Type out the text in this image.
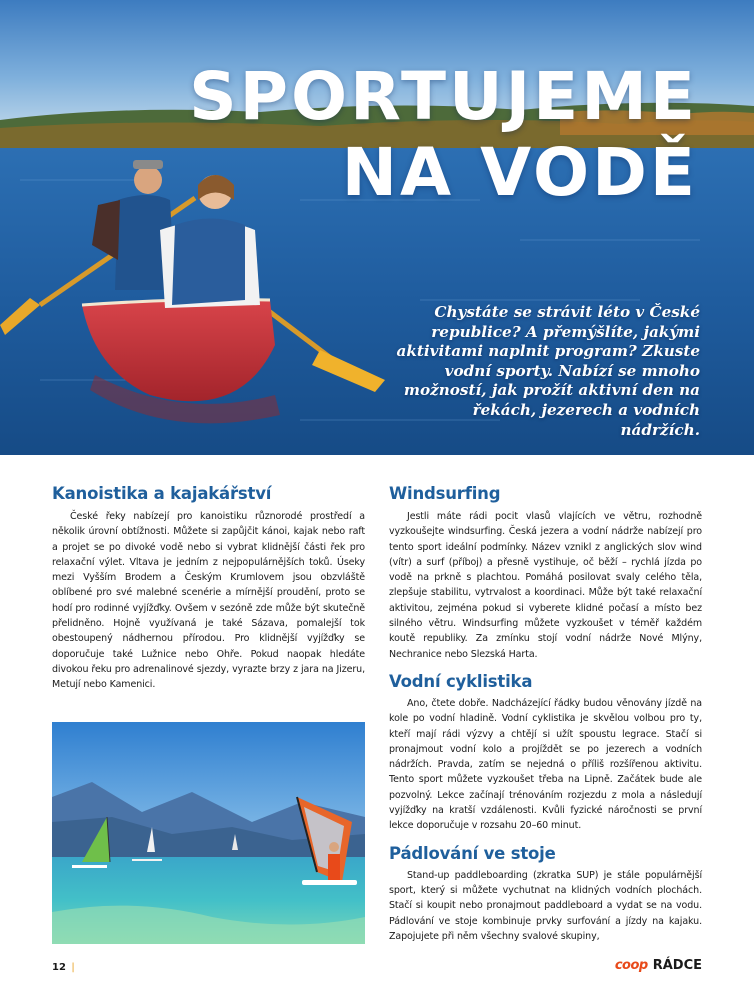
SPORTUJEME
NA VODĚ
Chystáte se strávit léto v České republice? A přemýšlíte, jakými aktivitami naplnit program? Zkuste vodní sporty. Nabízí se mnoho možností, jak prožít aktivní den na řekách, jezerech a vodních nádržích.
Kanoistika a kajakářství

České řeky nabízejí pro kanoistiku různorodé prostředí a několik úrovní obtížnosti. Můžete si zapůjčit kánoi, kajak nebo raft a projet se po divoké vodě nebo si vybrat klidnější části řek pro relaxační výlet. Vltava je jedním z nejpopulárnějších toků. Úseky mezi Vyšším Brodem a Českým Krumlovem jsou obzvláště oblíbené pro své malebné scenérie a mírnější proudění, proto se hodí pro rodinné vyjížďky. Ovšem v sezóně zde může být skutečně přelidněno. Hojně využívaná je také Sázava, pomalejší tok obestoupený nádhernou přírodou. Pro klidnější vyjížďky se doporučuje také Lužnice nebo Ohře. Pokud naopak hledáte divokou řeku pro adrenalinové sjezdy, vyrazte brzy z jara na Jizeru, Metují nebo Kamenici.

Windsurfing

Jestli máte rádi pocit vlasů vlajících ve větru, rozhodně vyzkoušejte windsurfing. Česká jezera a vodní nádrže nabízejí pro tento sport ideální podmínky. Název vznikl z anglických slov wind (vítr) a surf (příboj) a přesně vystihuje, oč běží – rychlá jízda po vodě na prkně s plachtou. Pomáhá posilovat svaly celého těla, zlepšuje stabilitu, vytrvalost a koordinaci. Může být také relaxační aktivitou, zejména pokud si vyberete klidné počasí a místo bez silného větru. Windsurfing můžete vyzkoušet v téměř každém koutě republiky. Za zmínku stojí vodní nádrže Nové Mlýny, Nechranice nebo Slezská Harta.

Vodní cyklistika

Ano, čtete dobře. Nadcházející řádky budou věnovány jízdě na kole po vodní hladině. Vodní cyklistika je skvělou volbou pro ty, kteří mají rádi výzvy a chtějí si užít spoustu legrace. Stačí si pronajmout vodní kolo a projíždět se po jezerech a vodních nádržích. Pravda, zatím se nejedná o příliš rozšířenou aktivitu. Tento sport můžete vyzkoušet třeba na Lipně. Začátek bude ale pozvolný. Lekce začínají trénováním rozjezdu z mola a následují vyjížďky na kratší vzdálenosti. Kvůli fyzické náročnosti se první lekce doporučuje v rozsahu 20–60 minut.

Pádlování ve stoje

Stand-up paddleboarding (zkratka SUP) je stále populárnější sport, který si můžete vychutnat na klidných vodních plochách. Stačí si koupit nebo pronajmout paddleboard a vydat se na vodu. Pádlování ve stoje kombinuje prvky surfování a jízdy na kajaku. Zapojujete při něm všechny svalové skupiny,

12 |	coop RÁDCE
